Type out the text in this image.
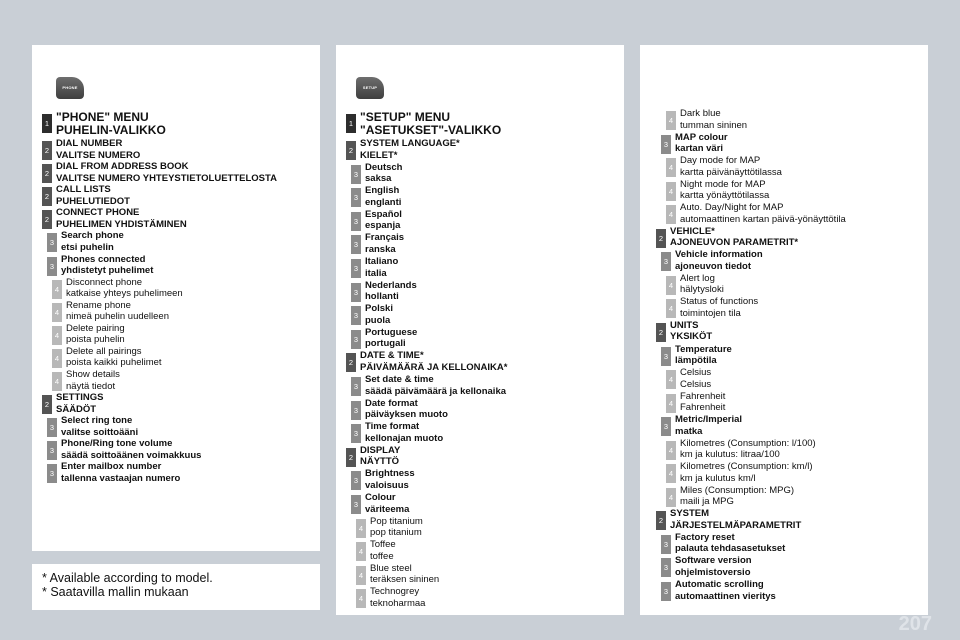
PHONE
1 "PHONE" MENU
PUHELIN-VALIKKO
2
DIAL NUMBER
VALITSE NUMERO
2
DIAL FROM ADDRESS BOOK
VALITSE NUMERO YHTEYSTIETOLUETTELOSTA
2
CALL LISTS
PUHELUTIEDOT
2
CONNECT PHONE
PUHELIMEN YHDISTÄMINEN
3
Search phone
etsi puhelin
3
Phones connected
yhdistetyt puhelimet
4
Disconnect phone
katkaise yhteys puhelimeen
4
Rename phone
nimeä puhelin uudelleen
4
Delete pairing
poista puhelin
4
Delete all pairings
poista kaikki puhelimet
4
Show details
näytä tiedot
2
SETTINGS
SÄÄDÖT
3
Select ring tone
valitse soittoääni
3
Phone/Ring tone volume
säädä soittoäänen voimakkuus
3
Enter mailbox number
tallenna vastaajan numero
SETUP
1 "SETUP" MENU
"ASETUKSET"-VALIKKO
2
SYSTEM LANGUAGE*
KIELET*
3
Deutsch
saksa
3
English
englanti
3
Español
espanja
3
Français
ranska
3
Italiano
italia
3
Nederlands
hollanti
3
Polski
puola
3
Portuguese
portugali
2
DATE & TIME*
PÄIVÄMÄÄRÄ JA KELLONAIKA*
3
Set date & time
säädä päivämäärä ja kellonaika
3
Date format
päiväyksen muoto
3
Time format
kellonajan muoto
2
DISPLAY
NÄYTTÖ
3
Brightness
valoisuus
3
Colour
väriteema
4
Pop titanium
pop titanium
4
Toffee
toffee
4
Blue steel
teräksen sininen
4
Technogrey
teknoharmaa
4
Dark blue
tumman sininen
3
MAP colour
kartan väri
4
Day mode for MAP
kartta päivänäyttötilassa
4
Night mode for MAP
kartta yönäyttötilassa
4
Auto. Day/Night for MAP
automaattinen kartan päivä-yönäyttötila
2
VEHICLE*
AJONEUVON PARAMETRIT*
3
Vehicle information
ajoneuvon tiedot
4
Alert log
hälytysloki
4
Status of functions
toimintojen tila
2
UNITS
YKSIKÖT
3
Temperature
lämpötila
4
Celsius
Celsius
4
Fahrenheit
Fahrenheit
3
Metric/Imperial
matka
4
Kilometres (Consumption: l/100)
km ja kulutus: litraa/100
4
Kilometres (Consumption: km/l)
km ja kulutus km/l
4
Miles (Consumption: MPG)
maili ja MPG
2
SYSTEM
JÄRJESTELMÄPARAMETRIT
3
Factory reset
palauta tehdasasetukset
3
Software version
ohjelmistoversio
3
Automatic scrolling
automaattinen vieritys
* Available according to model.
* Saatavilla mallin mukaan
207
